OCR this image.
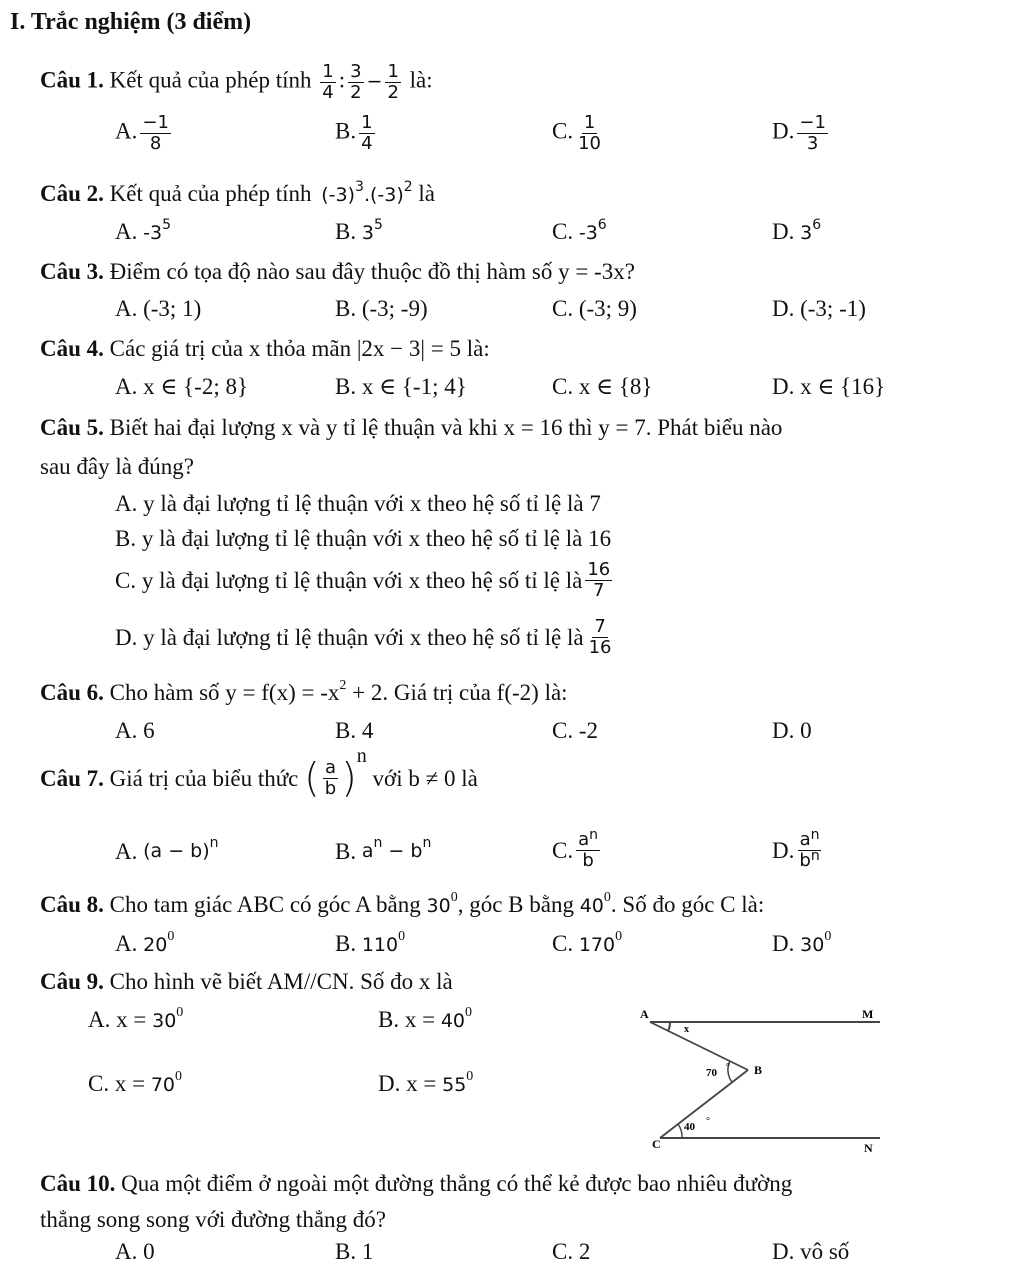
I. Trắc nghiệm (3 điểm)
Câu 1. Kết quả của phép tính $\frac{1}{4}$ : $\frac{3}{2} - \frac{1}{2}$ là:
A. $\frac{-1}{8}$	B. $\frac{1}{4}$	C. $\frac{1}{10}$	D. $\frac{-1}{3}$
Câu 2. Kết quả của phép tính $(-3)^3.(-3)^2$ là
A. $-3^5$	B. $3^5$	C. $-3^6$	D. $3^6$
Câu 3. Điểm có tọa độ nào sau đây thuộc đồ thị hàm số y = -3x?
A. (-3; 1)	B. (-3; -9)	C. (-3; 9)	D. (-3; -1)
Câu 4. Các giá trị của x thỏa mãn |2x − 3| = 5 là:
A. x ∈ {-2; 8}	B. x ∈ {-1; 4}	C. x ∈ {8}	D. x ∈ {16}
Câu 5. Biết hai đại lượng x và y tỉ lệ thuận và khi x = 16 thì y = 7. Phát biểu nào
sau đây là đúng?
A. y là đại lượng tỉ lệ thuận với x theo hệ số tỉ lệ là 7
B. y là đại lượng tỉ lệ thuận với x theo hệ số tỉ lệ là 16
C. y là đại lượng tỉ lệ thuận với x theo hệ số tỉ lệ là $\frac{16}{7}$
D. y là đại lượng tỉ lệ thuận với x theo hệ số tỉ lệ là $\frac{7}{16}$
Câu 6. Cho hàm số $y = f(x) = -x^2 + 2$. Giá trị của f(-2) là:
A. 6	B. 4	C. -2	D. 0
Câu 7. Giá trị của biểu thức ( $\frac{a}{b} )^n$ với b ≠ 0 là
A. $(a - b)^n$	B. $a^n - b^n$	C. $\frac{a^n}{b}$	D. $\frac{a^n}{b^n}$
Câu 8. Cho tam giác ABC có góc A bằng $30^0$, góc B bằng $40^0$. Số đo góc C là:
A. $20^0$	B. $110^0$	C. $170^0$	D. $30^0$
Câu 9. Cho hình vẽ biết AM//CN. Số đo x là
A. $x = 30^0$	B. $x = 40^0$
C. $x = 70^0$	D. $x = 55^0$
A	M
B
C	N
x
70 °
40 °
Câu 10. Qua một điểm ở ngoài một đường thẳng có thể kẻ được bao nhiêu đường
thẳng song song với đường thẳng đó?
A. 0	B. 1	C. 2	D. vô số
